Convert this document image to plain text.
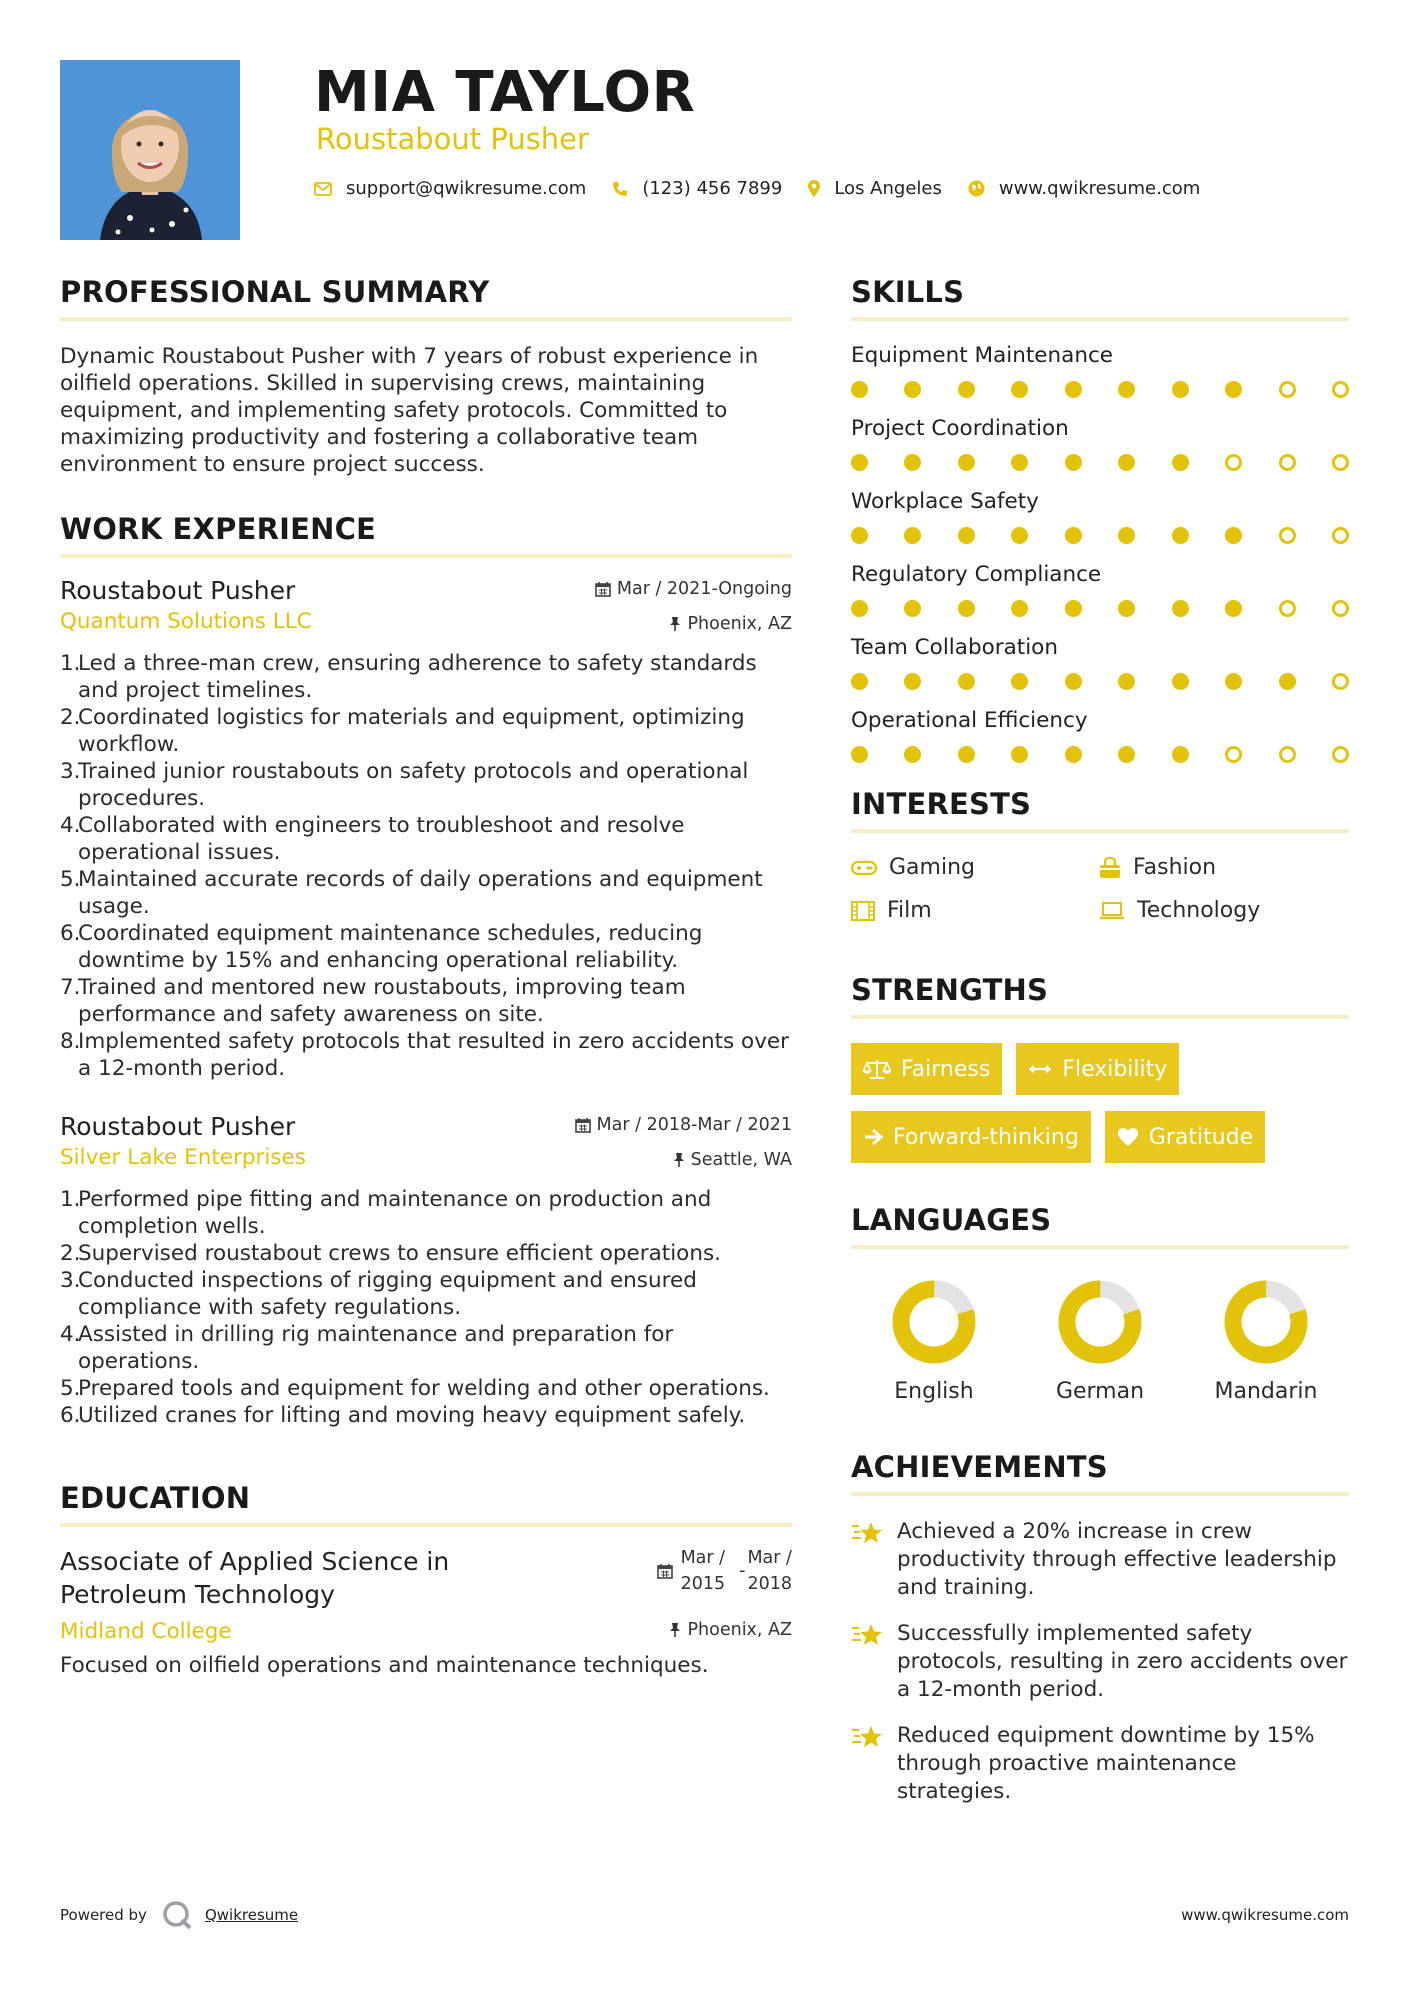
MIA TAYLOR
Roustabout Pusher
support@qwikresume.com	(123) 456 7899	Los Angeles	www.qwikresume.com
PROFESSIONAL SUMMARY

Dynamic Roustabout Pusher with 7 years of robust experience in oilfield operations. Skilled in supervising crews, maintaining equipment, and implementing safety protocols. Committed to maximizing productivity and fostering a collaborative team environment to ensure project success.

WORK EXPERIENCE
Roustabout Pusher
Quantum Solutions LLC
Mar / 2021-Ongoing
Phoenix, AZ
1.
Led a three-man crew, ensuring adherence to safety standards and project timelines.
2.
Coordinated logistics for materials and equipment, optimizing workflow.
3.
Trained junior roustabouts on safety protocols and operational procedures.
4.
Collaborated with engineers to troubleshoot and resolve operational issues.
5.
Maintained accurate records of daily operations and equipment usage.
6.
Coordinated equipment maintenance schedules, reducing downtime by 15% and enhancing operational reliability.
7.
Trained and mentored new roustabouts, improving team performance and safety awareness on site.
8.
Implemented safety protocols that resulted in zero accidents over a 12-month period.
Roustabout Pusher
Silver Lake Enterprises
Mar / 2018-Mar / 2021
Seattle, WA
1.
Performed pipe fitting and maintenance on production and completion wells.
2.
Supervised roustabout crews to ensure efficient operations.
3.
Conducted inspections of rigging equipment and ensured compliance with safety regulations.
4.
Assisted in drilling rig maintenance and preparation for operations.
5.
Prepared tools and equipment for welding and other operations.
6.
Utilized cranes for lifting and moving heavy equipment safely.
EDUCATION
Associate of Applied Science in
Petroleum Technology
Mar /
2015
-
Mar /
2018
Midland College	Phoenix, AZ

Focused on oilfield operations and maintenance techniques.

SKILLS
Equipment Maintenance
Project Coordination
Workplace Safety
Regulatory Compliance
Team Collaboration
Operational Efficiency
INTERESTS
Gaming	Fashion
Film	Technology
STRENGTHS
Fairness	Flexibility
Forward-thinking	Gratitude
LANGUAGES
English	German	Mandarin
ACHIEVEMENTS
Achieved a 20% increase in crew productivity through effective leadership and training.
Successfully implemented safety protocols, resulting in zero accidents over a 12-month period.
Reduced equipment downtime by 15% through proactive maintenance strategies.
Powered by	Qwikresume	www.qwikresume.com
